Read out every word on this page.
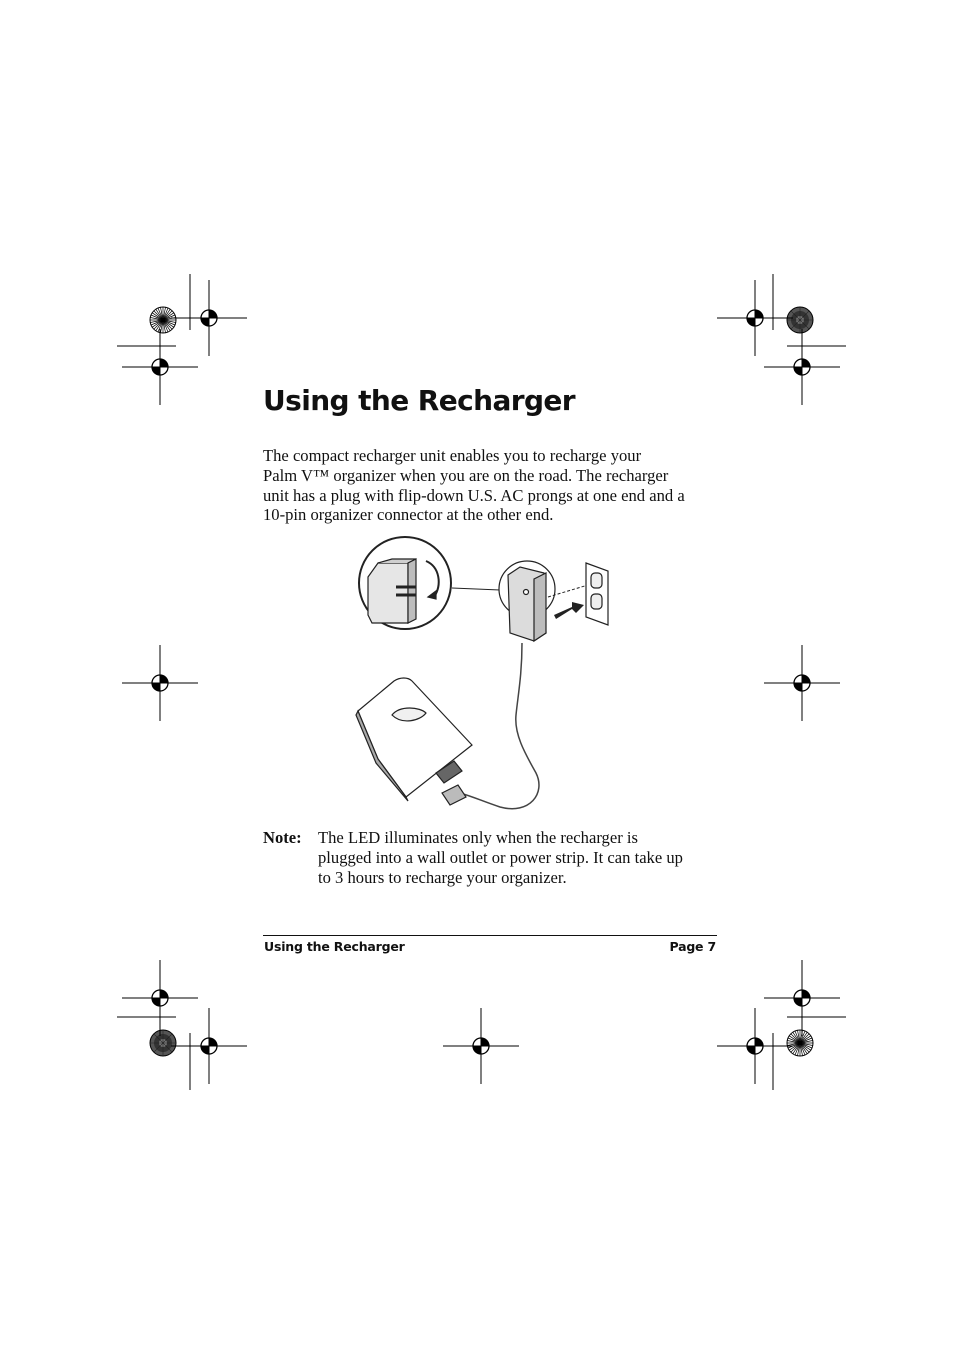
Using the Recharger

The compact recharger unit enables you to recharge your
Palm V™ organizer when you are on the road. The recharger
unit has a plug with flip-down U.S. AC prongs at one end and a
10-pin organizer connector at the other end.

Note: The LED illuminates only when the recharger is
plugged into a wall outlet or power strip. It can take up
to 3 hours to recharge your organizer.

Using the Recharger	Page 7
